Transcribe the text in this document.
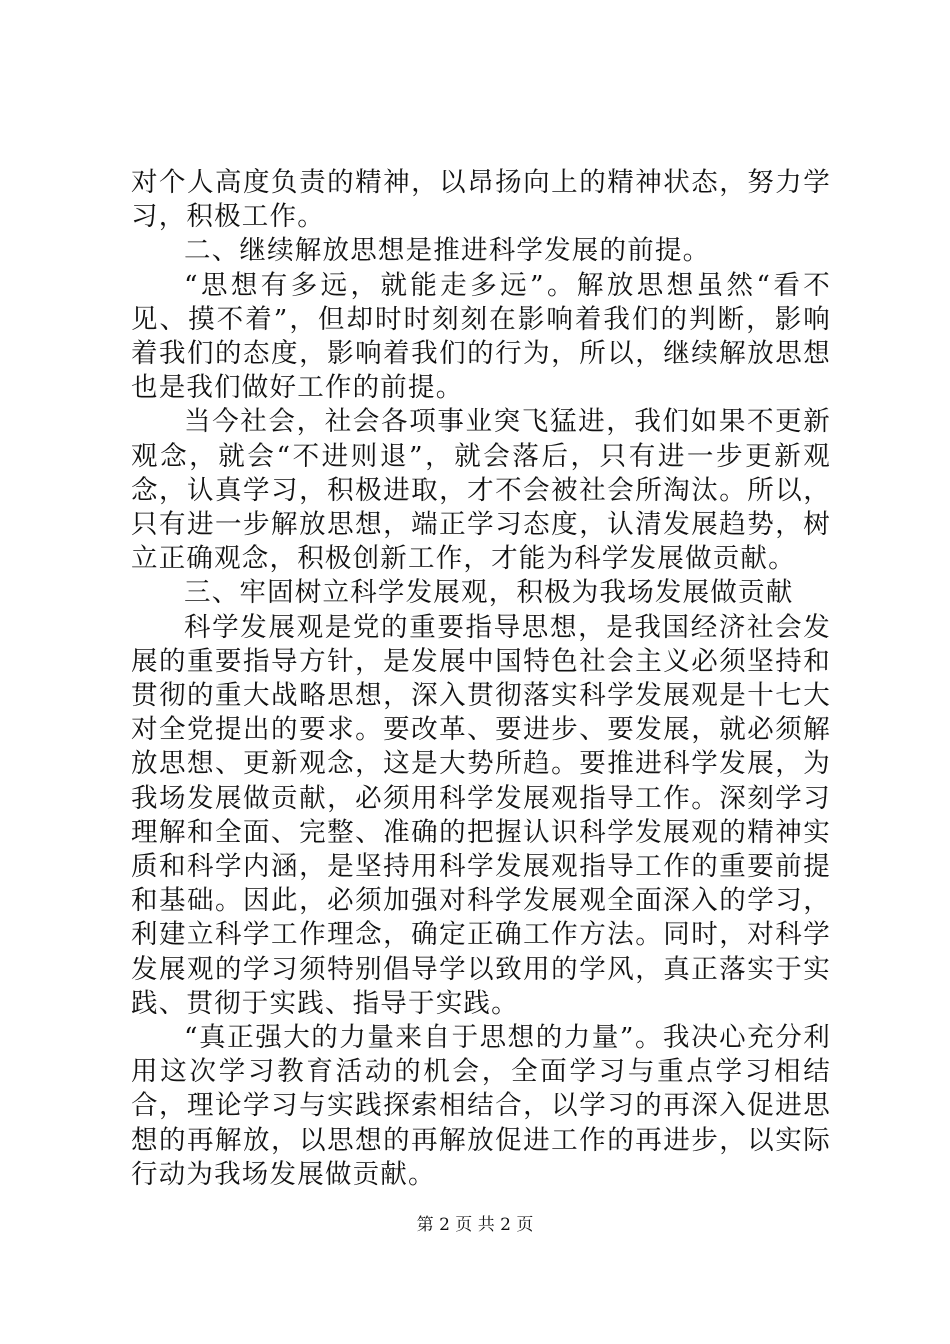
对个人高度负责的精神，以昂扬向上的精神状态，努力学习，积极工作。

二、继续解放思想是推进科学发展的前提。

“思想有多远，就能走多远”。解放思想虽然“看不见、摸不着”，但却时时刻刻在影响着我们的判断，影响着我们的态度，影响着我们的行为，所以，继续解放思想也是我们做好工作的前提。

当今社会，社会各项事业突飞猛进，我们如果不更新观念，就会“不进则退”，就会落后，只有进一步更新观念，认真学习，积极进取，才不会被社会所淘汰。所以，只有进一步解放思想，端正学习态度，认清发展趋势，树立正确观念，积极创新工作，才能为科学发展做贡献。

三、牢固树立科学发展观，积极为我场发展做贡献

科学发展观是党的重要指导思想，是我国经济社会发展的重要指导方针，是发展中国特色社会主义必须坚持和贯彻的重大战略思想，深入贯彻落实科学发展观是十七大对全党提出的要求。要改革、要进步、要发展，就必须解放思想、更新观念，这是大势所趋。要推进科学发展，为我场发展做贡献，必须用科学发展观指导工作。深刻学习理解和全面、完整、准确的把握认识科学发展观的精神实质和科学内涵，是坚持用科学发展观指导工作的重要前提和基础。因此，必须加强对科学发展观全面深入的学习，利建立科学工作理念，确定正确工作方法。同时，对科学发展观的学习须特别倡导学以致用的学风，真正落实于实践、贯彻于实践、指导于实践。

“真正强大的力量来自于思想的力量”。我决心充分利用这次学习教育活动的机会，全面学习与重点学习相结合，理论学习与实践探索相结合，以学习的再深入促进思想的再解放，以思想的再解放促进工作的再进步，以实际行动为我场发展做贡献。

第 2 页 共 2 页
